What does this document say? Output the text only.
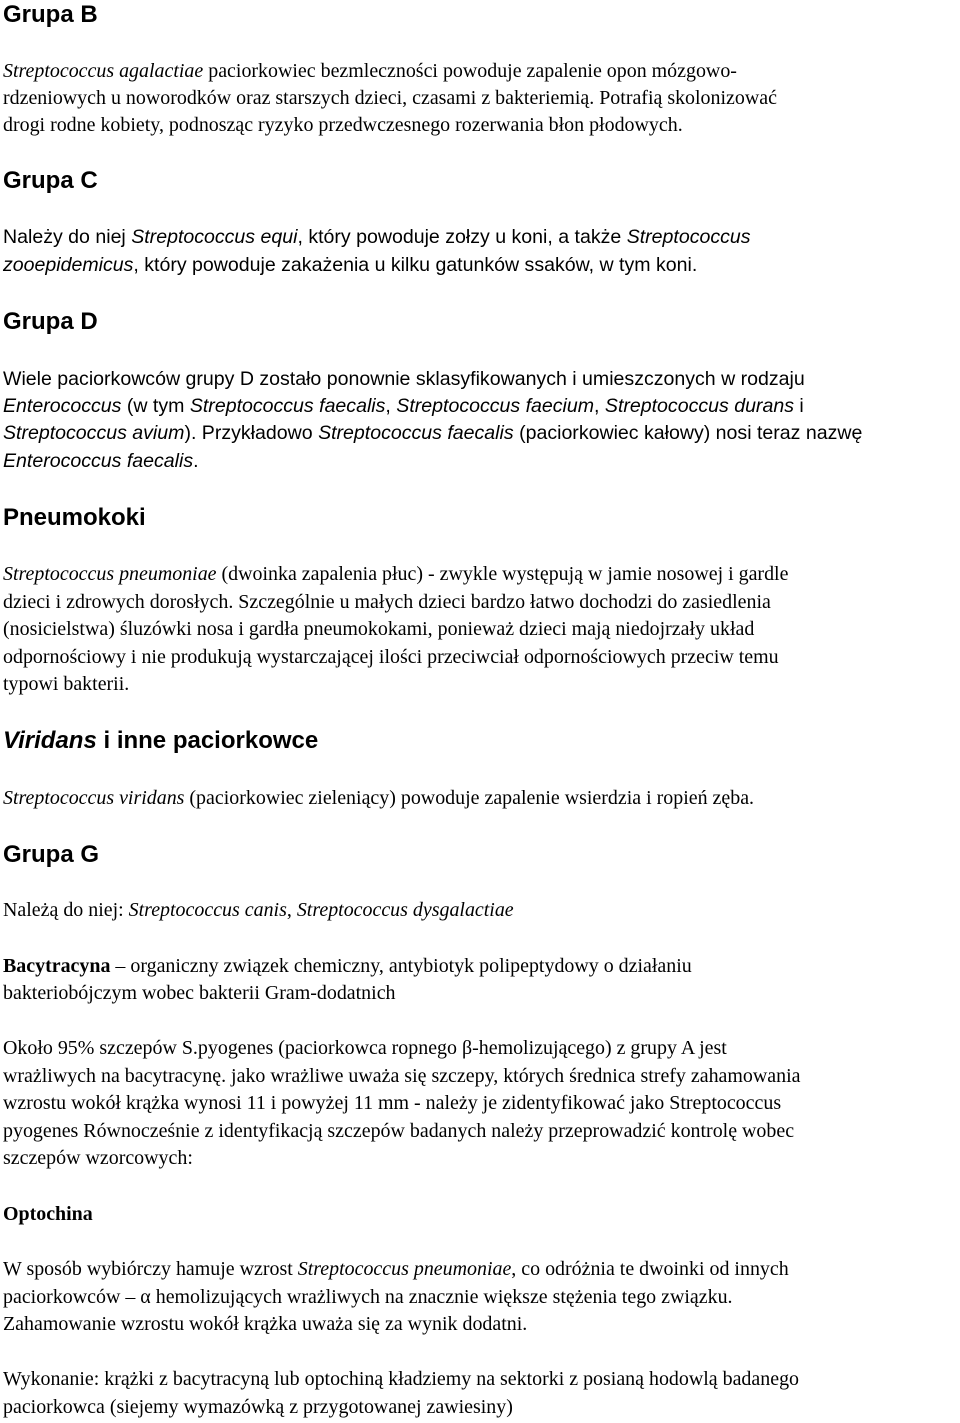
Grupa B

Streptococcus agalactiae paciorkowiec bezmleczności powoduje zapalenie opon mózgowo-

rdzeniowych u noworodków oraz starszych dzieci, czasami z bakteriemią. Potrafią skolonizować

drogi rodne kobiety, podnosząc ryzyko przedwczesnego rozerwania błon płodowych.

Grupa C

Należy do niej Streptococcus equi, który powoduje zołzy u koni, a także Streptococcus

zooepidemicus, który powoduje zakażenia u kilku gatunków ssaków, w tym koni.

Grupa D

Wiele paciorkowców grupy D zostało ponownie sklasyfikowanych i umieszczonych w rodzaju

Enterococcus (w tym Streptococcus faecalis, Streptococcus faecium, Streptococcus durans i

Streptococcus avium). Przykładowo Streptococcus faecalis (paciorkowiec kałowy) nosi teraz nazwę

Enterococcus faecalis.

Pneumokoki

Streptococcus pneumoniae (dwoinka zapalenia płuc) - zwykle występują w jamie nosowej i gardle

dzieci i zdrowych dorosłych. Szczególnie u małych dzieci bardzo łatwo dochodzi do zasiedlenia

(nosicielstwa) śluzówki nosa i gardła pneumokokami, ponieważ dzieci mają niedojrzały układ

odpornościowy i nie produkują wystarczającej ilości przeciwciał odpornościowych przeciw temu

typowi bakterii.

Viridans i inne paciorkowce

Streptococcus viridans (paciorkowiec zieleniący) powoduje zapalenie wsierdzia i ropień zęba.

Grupa G

Należą do niej: Streptococcus canis, Streptococcus dysgalactiae

Bacytracyna – organiczny związek chemiczny, antybiotyk polipeptydowy o działaniu

bakteriobójczym wobec bakterii Gram-dodatnich

Około 95% szczepów S.pyogenes (paciorkowca ropnego β-hemolizującego) z grupy A jest

wrażliwych na bacytracynę. jako wrażliwe uważa się szczepy, których średnica strefy zahamowania

wzrostu wokół krążka wynosi 11 i powyżej 11 mm - należy je zidentyfikować jako Streptococcus

pyogenes Równocześnie z identyfikacją szczepów badanych należy przeprowadzić kontrolę wobec

szczepów wzorcowych:

Optochina

W sposób wybiórczy hamuje wzrost Streptococcus pneumoniae, co odróżnia te dwoinki od innych

paciorkowców – α hemolizujących wrażliwych na znacznie większe stężenia tego związku.

Zahamowanie wzrostu wokół krążka uważa się za wynik dodatni.

Wykonanie: krążki z bacytracyną lub optochiną kładziemy na sektorki z posianą hodowlą badanego

paciorkowca (siejemy wymazówką z przygotowanej zawiesiny)
